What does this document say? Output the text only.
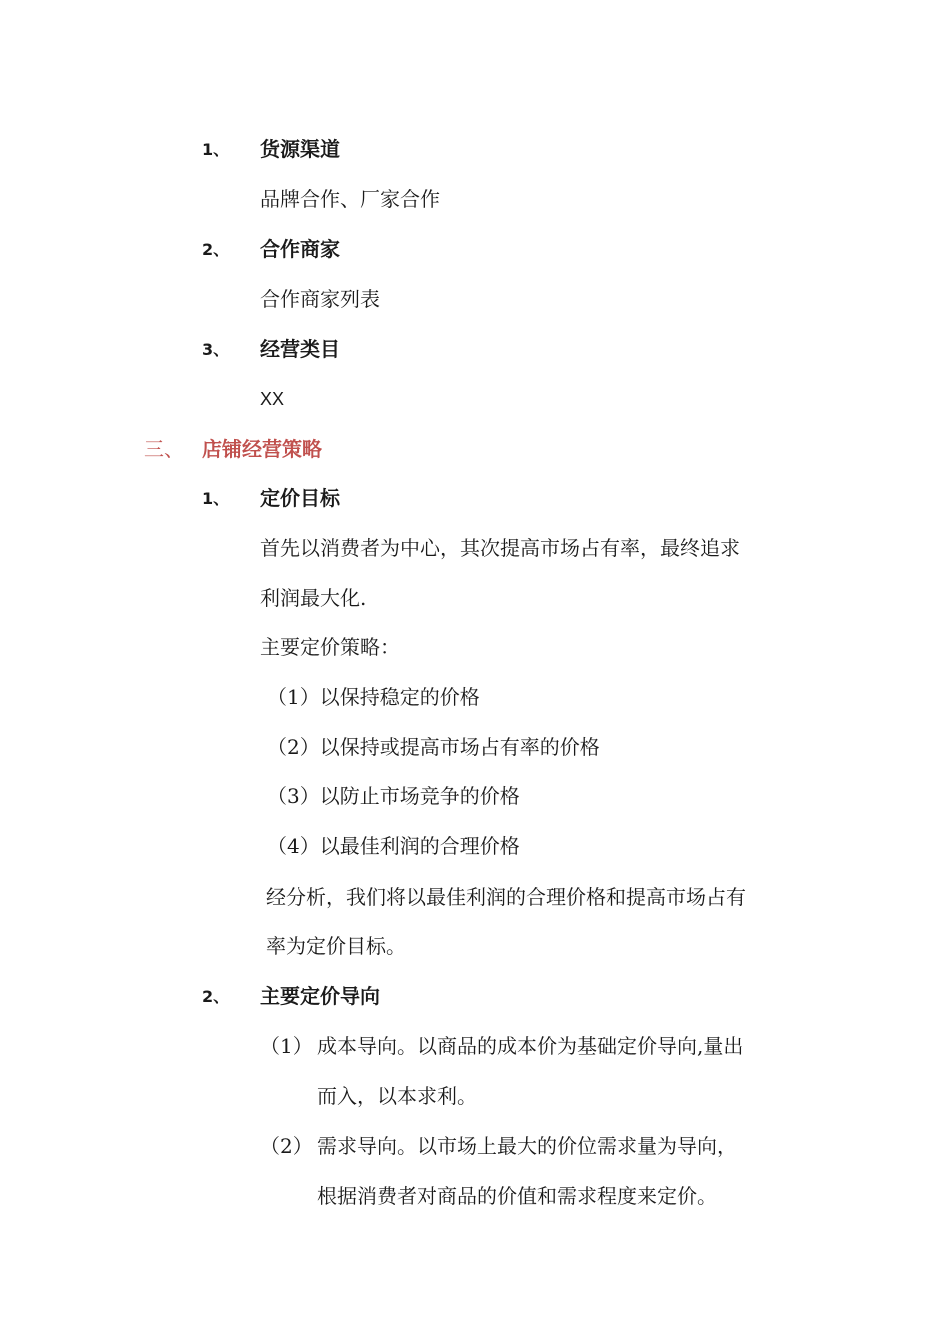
1、 货源渠道
品牌合作、厂家合作
2、 合作商家
合作商家列表
3、 经营类目
XX
三、 店铺经营策略
1、 定价目标
首先以消费者为中心，其次提高市场占有率，最终追求
利润最大化.
主要定价策略：
（1）以保持稳定的价格
（2）以保持或提高市场占有率的价格
（3）以防止市场竞争的价格
（4）以最佳利润的合理价格
经分析，我们将以最佳利润的合理价格和提高市场占有
率为定价目标。
2、 主要定价导向
（1） 成本导向。以商品的成本价为基础定价导向,量出
而入，以本求利。
（2） 需求导向。以市场上最大的价位需求量为导向，
根据消费者对商品的价值和需求程度来定价。
